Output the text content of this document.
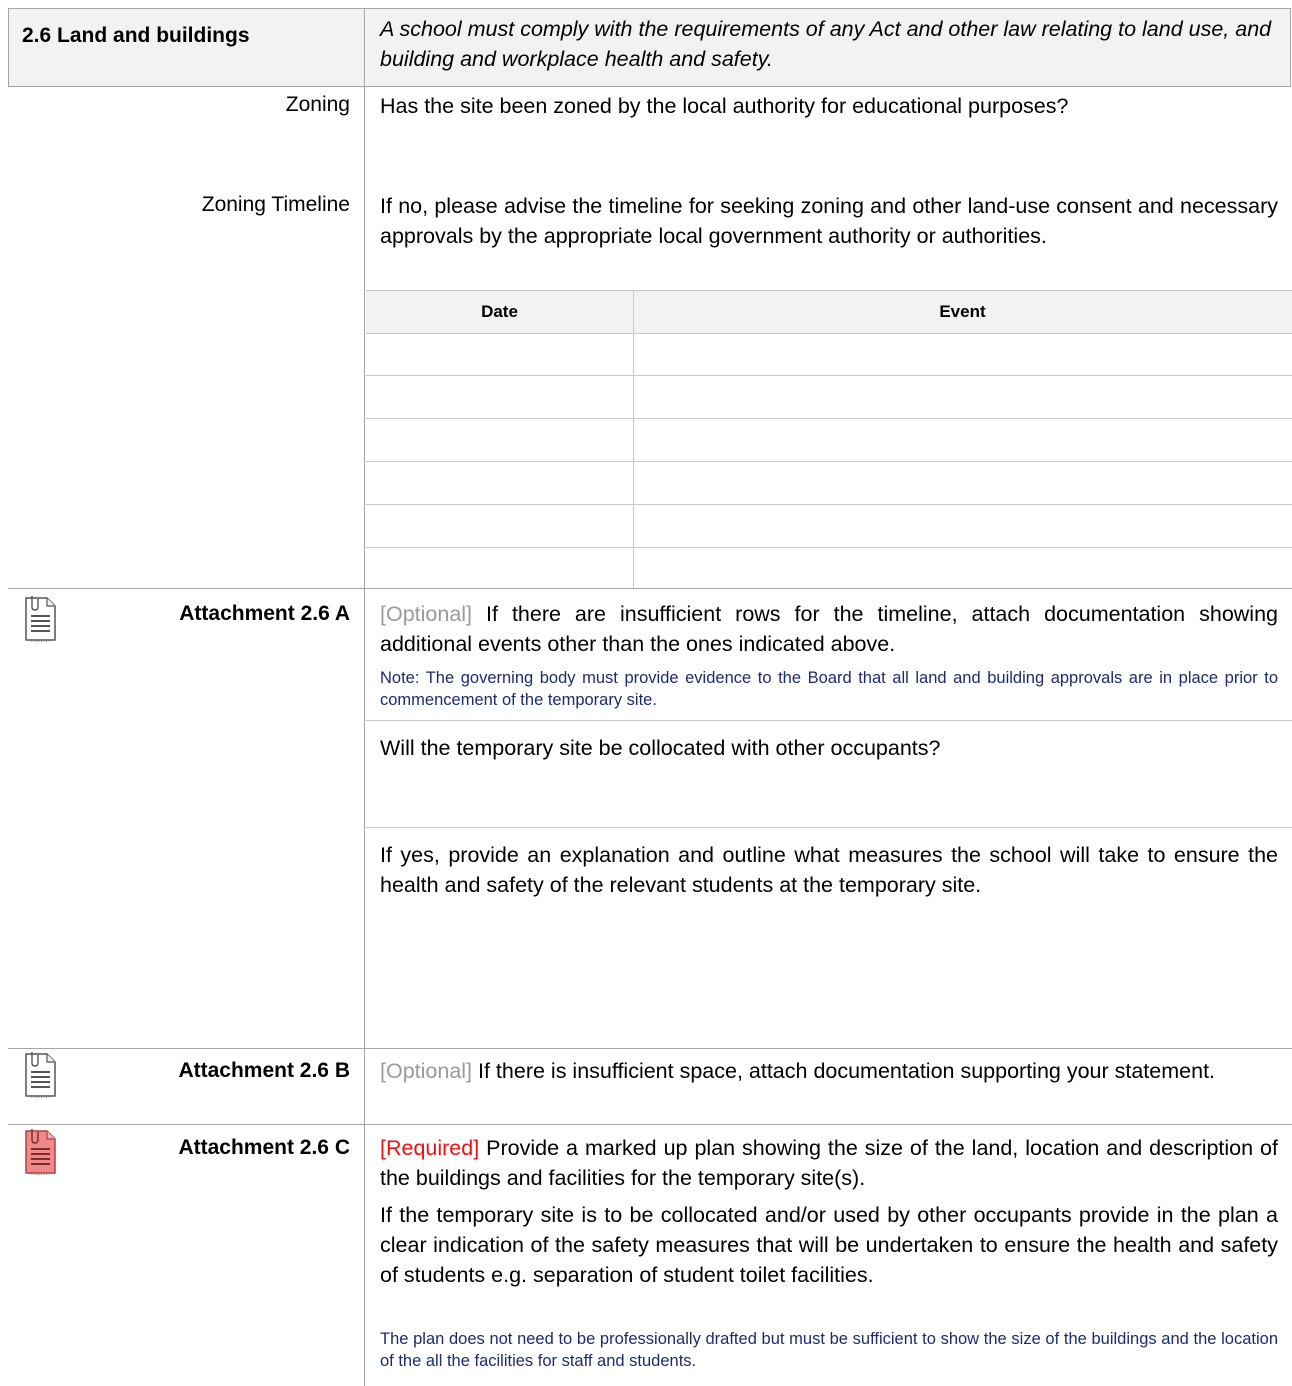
2.6 Land and buildings	A school must comply with the requirements of any Act and other law relating to land use, and building and workplace health and safety.
Zoning Has the site been zoned by the local authority for educational purposes?
Zoning Timeline If no, please advise the timeline for seeking zoning and other land-use consent and necessary approvals by the appropriate local government authority or authorities.
Date	Event
Attachment 2.6 A [Optional] If there are insufficient rows for the timeline, attach documentation showing additional events other than the ones indicated above.
Note: The governing body must provide evidence to the Board that all land and building approvals are in place prior to commencement of the temporary site.
Will the temporary site be collocated with other occupants?
If yes, provide an explanation and outline what measures the school will take to ensure the health and safety of the relevant students at the temporary site.
Attachment 2.6 B [Optional] If there is insufficient space, attach documentation supporting your statement.
Attachment 2.6 C [Required] Provide a marked up plan showing the size of the land, location and description of the buildings and facilities for the temporary site(s).
If the temporary site is to be collocated and/or used by other occupants provide in the plan a clear indication of the safety measures that will be undertaken to ensure the health and safety of students e.g. separation of student toilet facilities.
The plan does not need to be professionally drafted but must be sufficient to show the size of the buildings and the location of the all the facilities for staff and students.
